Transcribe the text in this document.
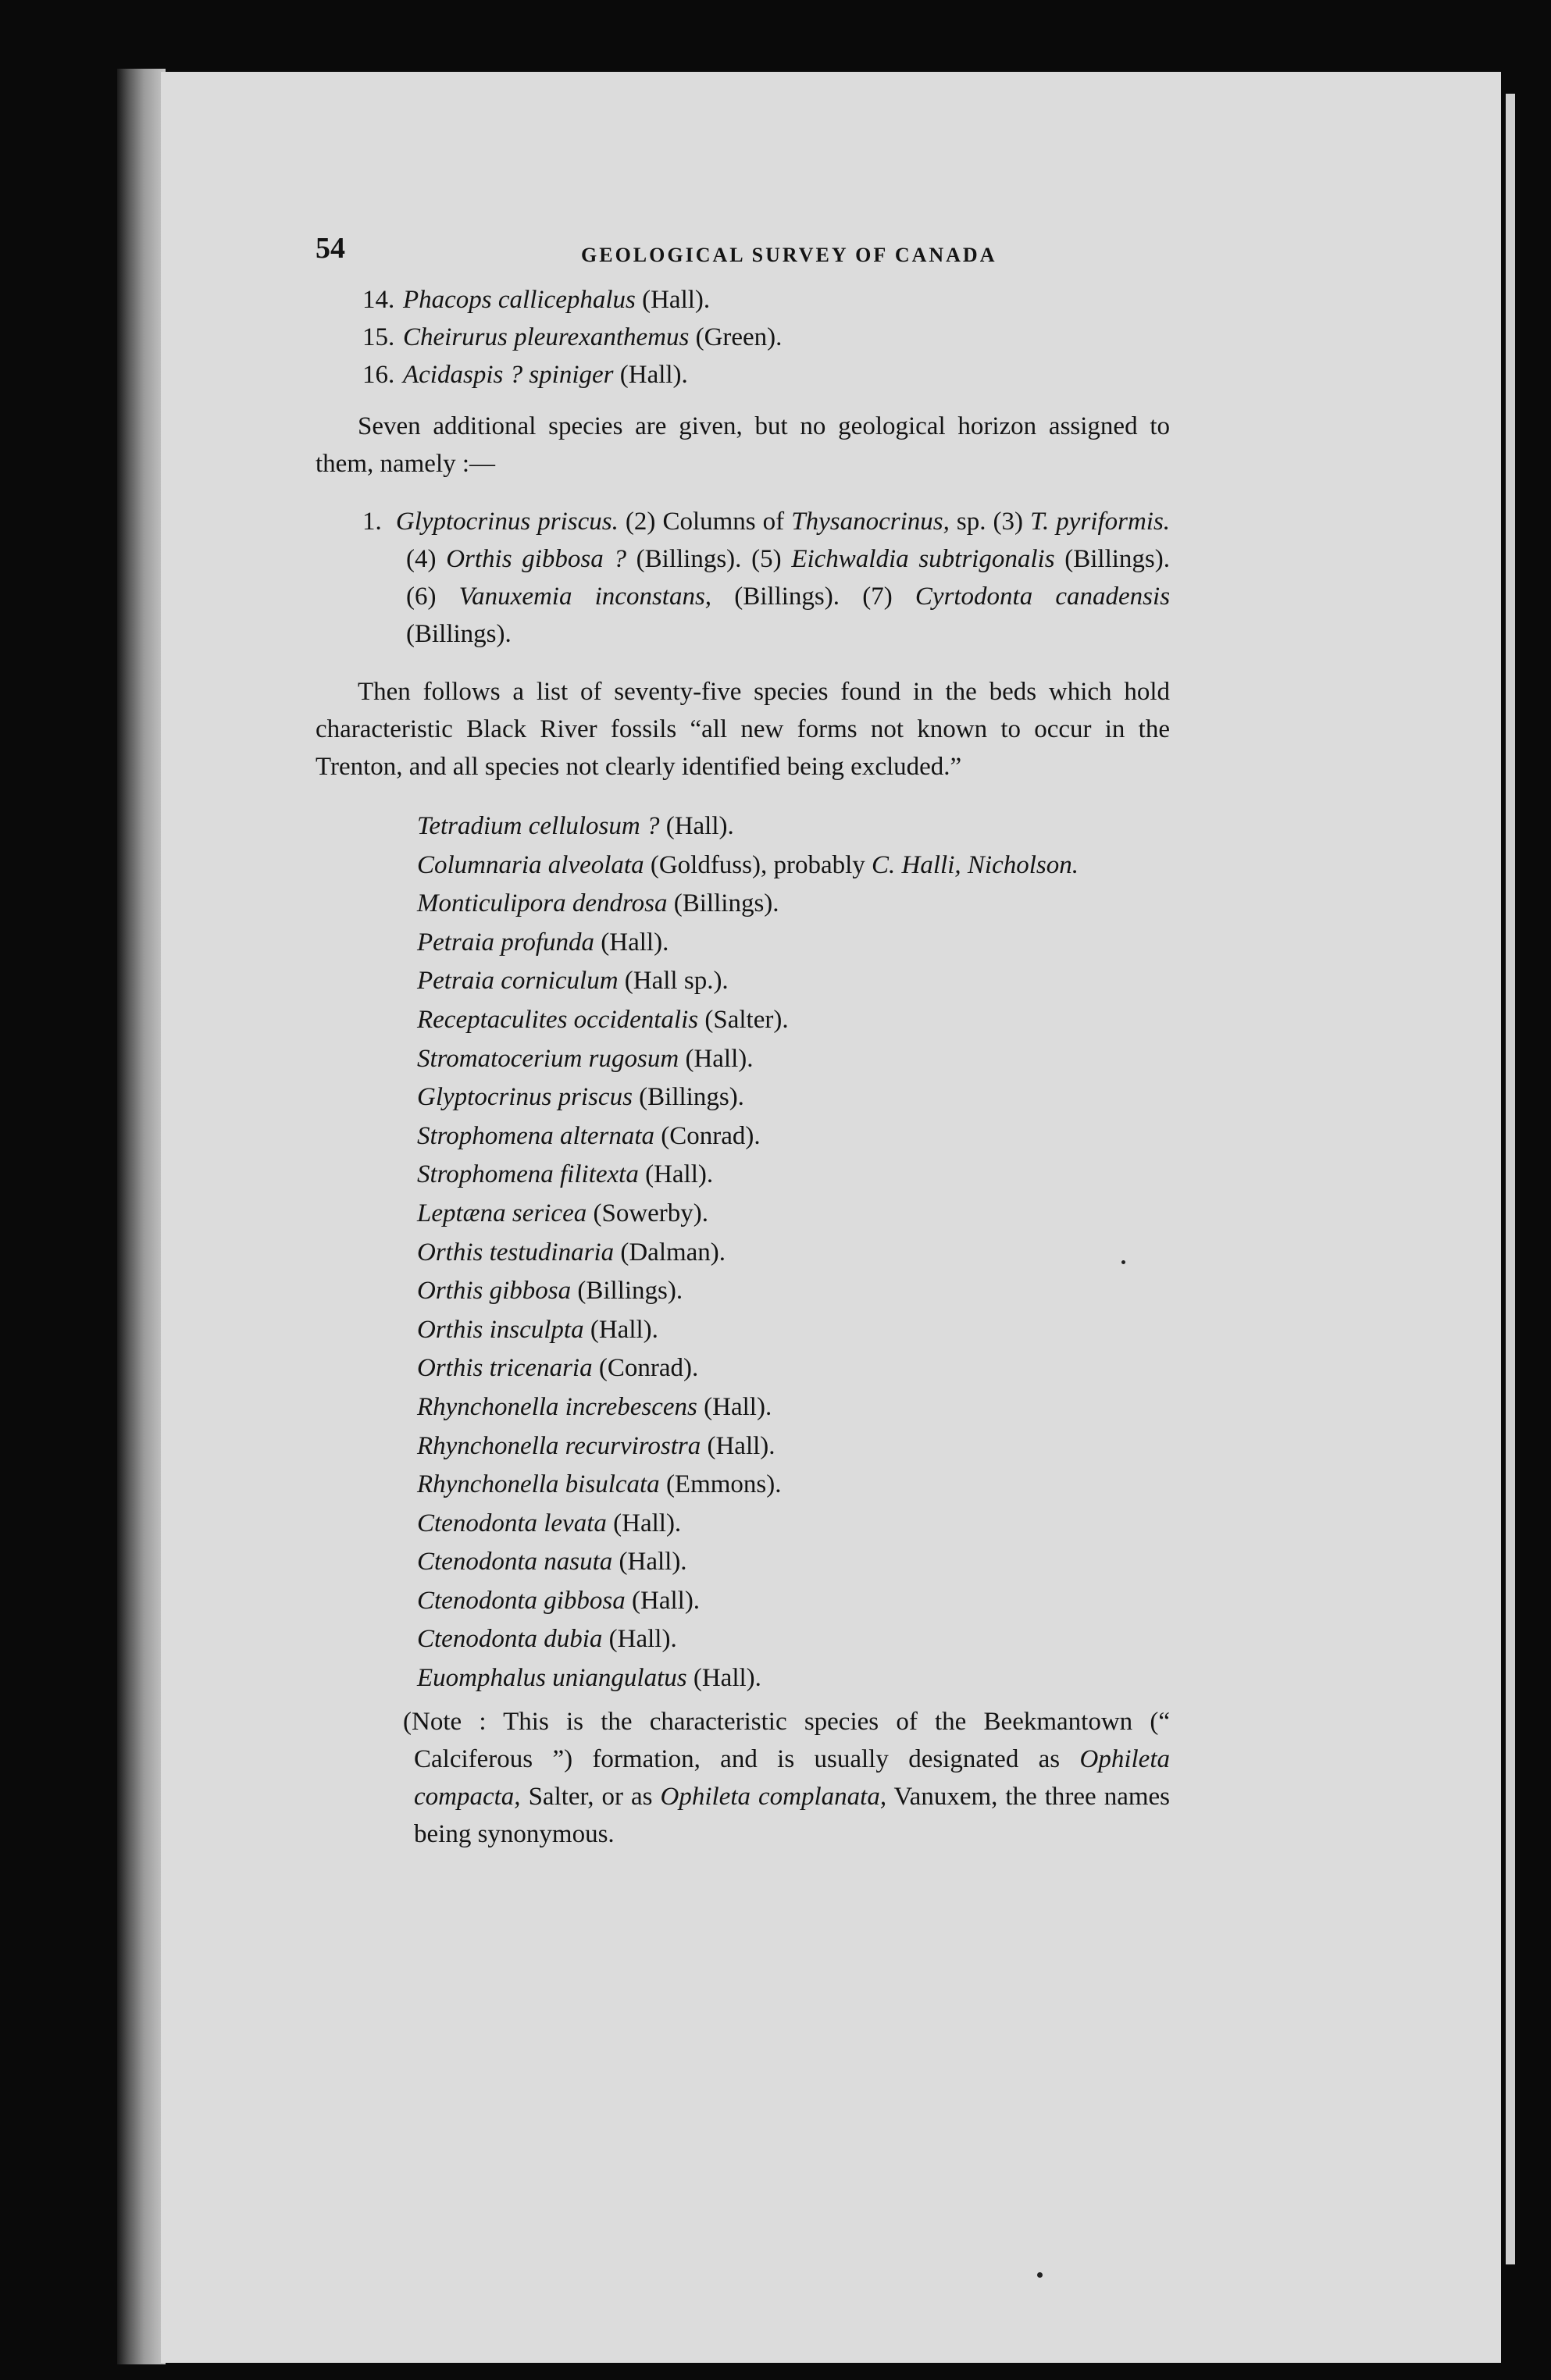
54	GEOLOGICAL SURVEY OF CANADA
14. Phacops callicephalus (Hall).
15. Cheirurus pleurexanthemus (Green).
16. Acidaspis ? spiniger (Hall).

Seven additional species are given, but no geological horizon assigned to them, namely :—

1. Glyptocrinus priscus. (2) Columns of Thysanocrinus, sp. (3) T. pyriformis. (4) Orthis gibbosa ? (Billings). (5) Eichwaldia subtrigonalis (Billings). (6) Vanuxemia inconstans, (Billings). (7) Cyrtodonta canadensis (Billings).

Then follows a list of seventy-five species found in the beds which hold characteristic Black River fossils “all new forms not known to occur in the Trenton, and all species not clearly identified being excluded.”

Tetradium cellulosum ? (Hall).
Columnaria alveolata (Goldfuss), probably C. Halli, Nicholson.
Monticulipora dendrosa (Billings).
Petraia profunda (Hall).
Petraia corniculum (Hall sp.).
Receptaculites occidentalis (Salter).
Stromatocerium rugosum (Hall).
Glyptocrinus priscus (Billings).
Strophomena alternata (Conrad).
Strophomena filitexta (Hall).
Leptæna sericea (Sowerby).
Orthis testudinaria (Dalman).
Orthis gibbosa (Billings).
Orthis insculpta (Hall).
Orthis tricenaria (Conrad).
Rhynchonella increbescens (Hall).
Rhynchonella recurvirostra (Hall).
Rhynchonella bisulcata (Emmons).
Ctenodonta levata (Hall).
Ctenodonta nasuta (Hall).
Ctenodonta gibbosa (Hall).
Ctenodonta dubia (Hall).
Euomphalus uniangulatus (Hall).
(Note : This is the characteristic species of the Beekmantown (“ Calciferous ”) formation, and is usually designated as Ophileta compacta, Salter, or as Ophileta complanata, Vanuxem, the three names being synonymous.
